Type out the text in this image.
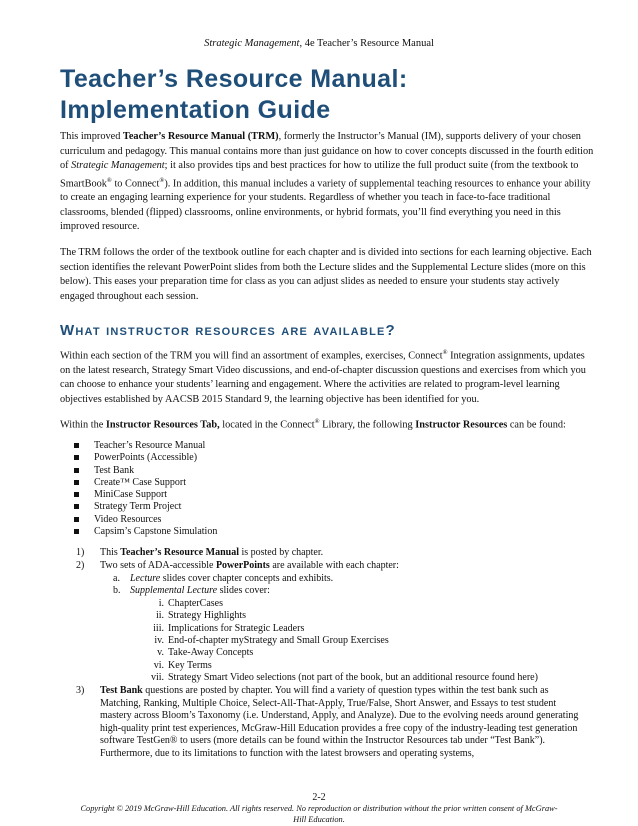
Strategic Management, 4e Teacher’s Resource Manual
Teacher’s Resource Manual:
Implementation Guide

This improved Teacher’s Resource Manual (TRM), formerly the Instructor’s Manual (IM), supports delivery of your chosen curriculum and pedagogy. This manual contains more than just guidance on how to cover concepts discussed in the fourth edition of Strategic Management; it also provides tips and best practices for how to utilize the full product suite (from the textbook to SmartBook® to Connect®). In addition, this manual includes a variety of supplemental teaching resources to enhance your ability to create an engaging learning experience for your students. Regardless of whether you teach in face-to-face traditional classrooms, blended (flipped) classrooms, online environments, or hybrid formats, you’ll find everything you need in this improved resource.

The TRM follows the order of the textbook outline for each chapter and is divided into sections for each learning objective. Each section identifies the relevant PowerPoint slides from both the Lecture slides and the Supplemental Lecture slides (more on this below). This eases your preparation time for class as you can adjust slides as needed to ensure your students stay actively engaged throughout each session.

What instructor resources are available?

Within each section of the TRM you will find an assortment of examples, exercises, Connect® Integration assignments, updates on the latest research, Strategy Smart Video discussions, and end-of-chapter discussion questions and exercises from which you can choose to enhance your students’ learning and engagement. Where the activities are related to program-level learning objectives established by AACSB 2015 Standard 9, the learning objective has been identified for you.

Within the Instructor Resources Tab, located in the Connect® Library, the following Instructor Resources can be found:

Teacher’s Resource Manual
PowerPoints (Accessible)
Test Bank
Create™ Case Support
MiniCase Support
Strategy Term Project
Video Resources
Capsim’s Capstone Simulation
1) This Teacher’s Resource Manual is posted by chapter.
2) Two sets of ADA-accessible PowerPoints are available with each chapter:
a. Lecture slides cover chapter concepts and exhibits.
b. Supplemental Lecture slides cover:
i. ChapterCases
ii. Strategy Highlights
iii. Implications for Strategic Leaders
iv. End-of-chapter myStrategy and Small Group Exercises
v. Take-Away Concepts
vi. Key Terms
vii. Strategy Smart Video selections (not part of the book, but an additional resource found here)
3) Test Bank questions are posted by chapter. You will find a variety of question types within the test bank such as Matching, Ranking, Multiple Choice, Select-All-That-Apply, True/False, Short Answer, and Essays to test student mastery across Bloom’s Taxonomy (i.e. Understand, Apply, and Analyze). Due to the evolving needs around generating high-quality print test experiences, McGraw-Hill Education provides a free copy of the industry-leading test generation software TestGen® to users (more details can be found within the Instructor Resources tab under “Test Bank”). Furthermore, due to its limitations to function with the latest browsers and operating systems,
2-2
Copyright © 2019 McGraw-Hill Education. All rights reserved. No reproduction or distribution without the prior written consent of McGraw-Hill Education.
